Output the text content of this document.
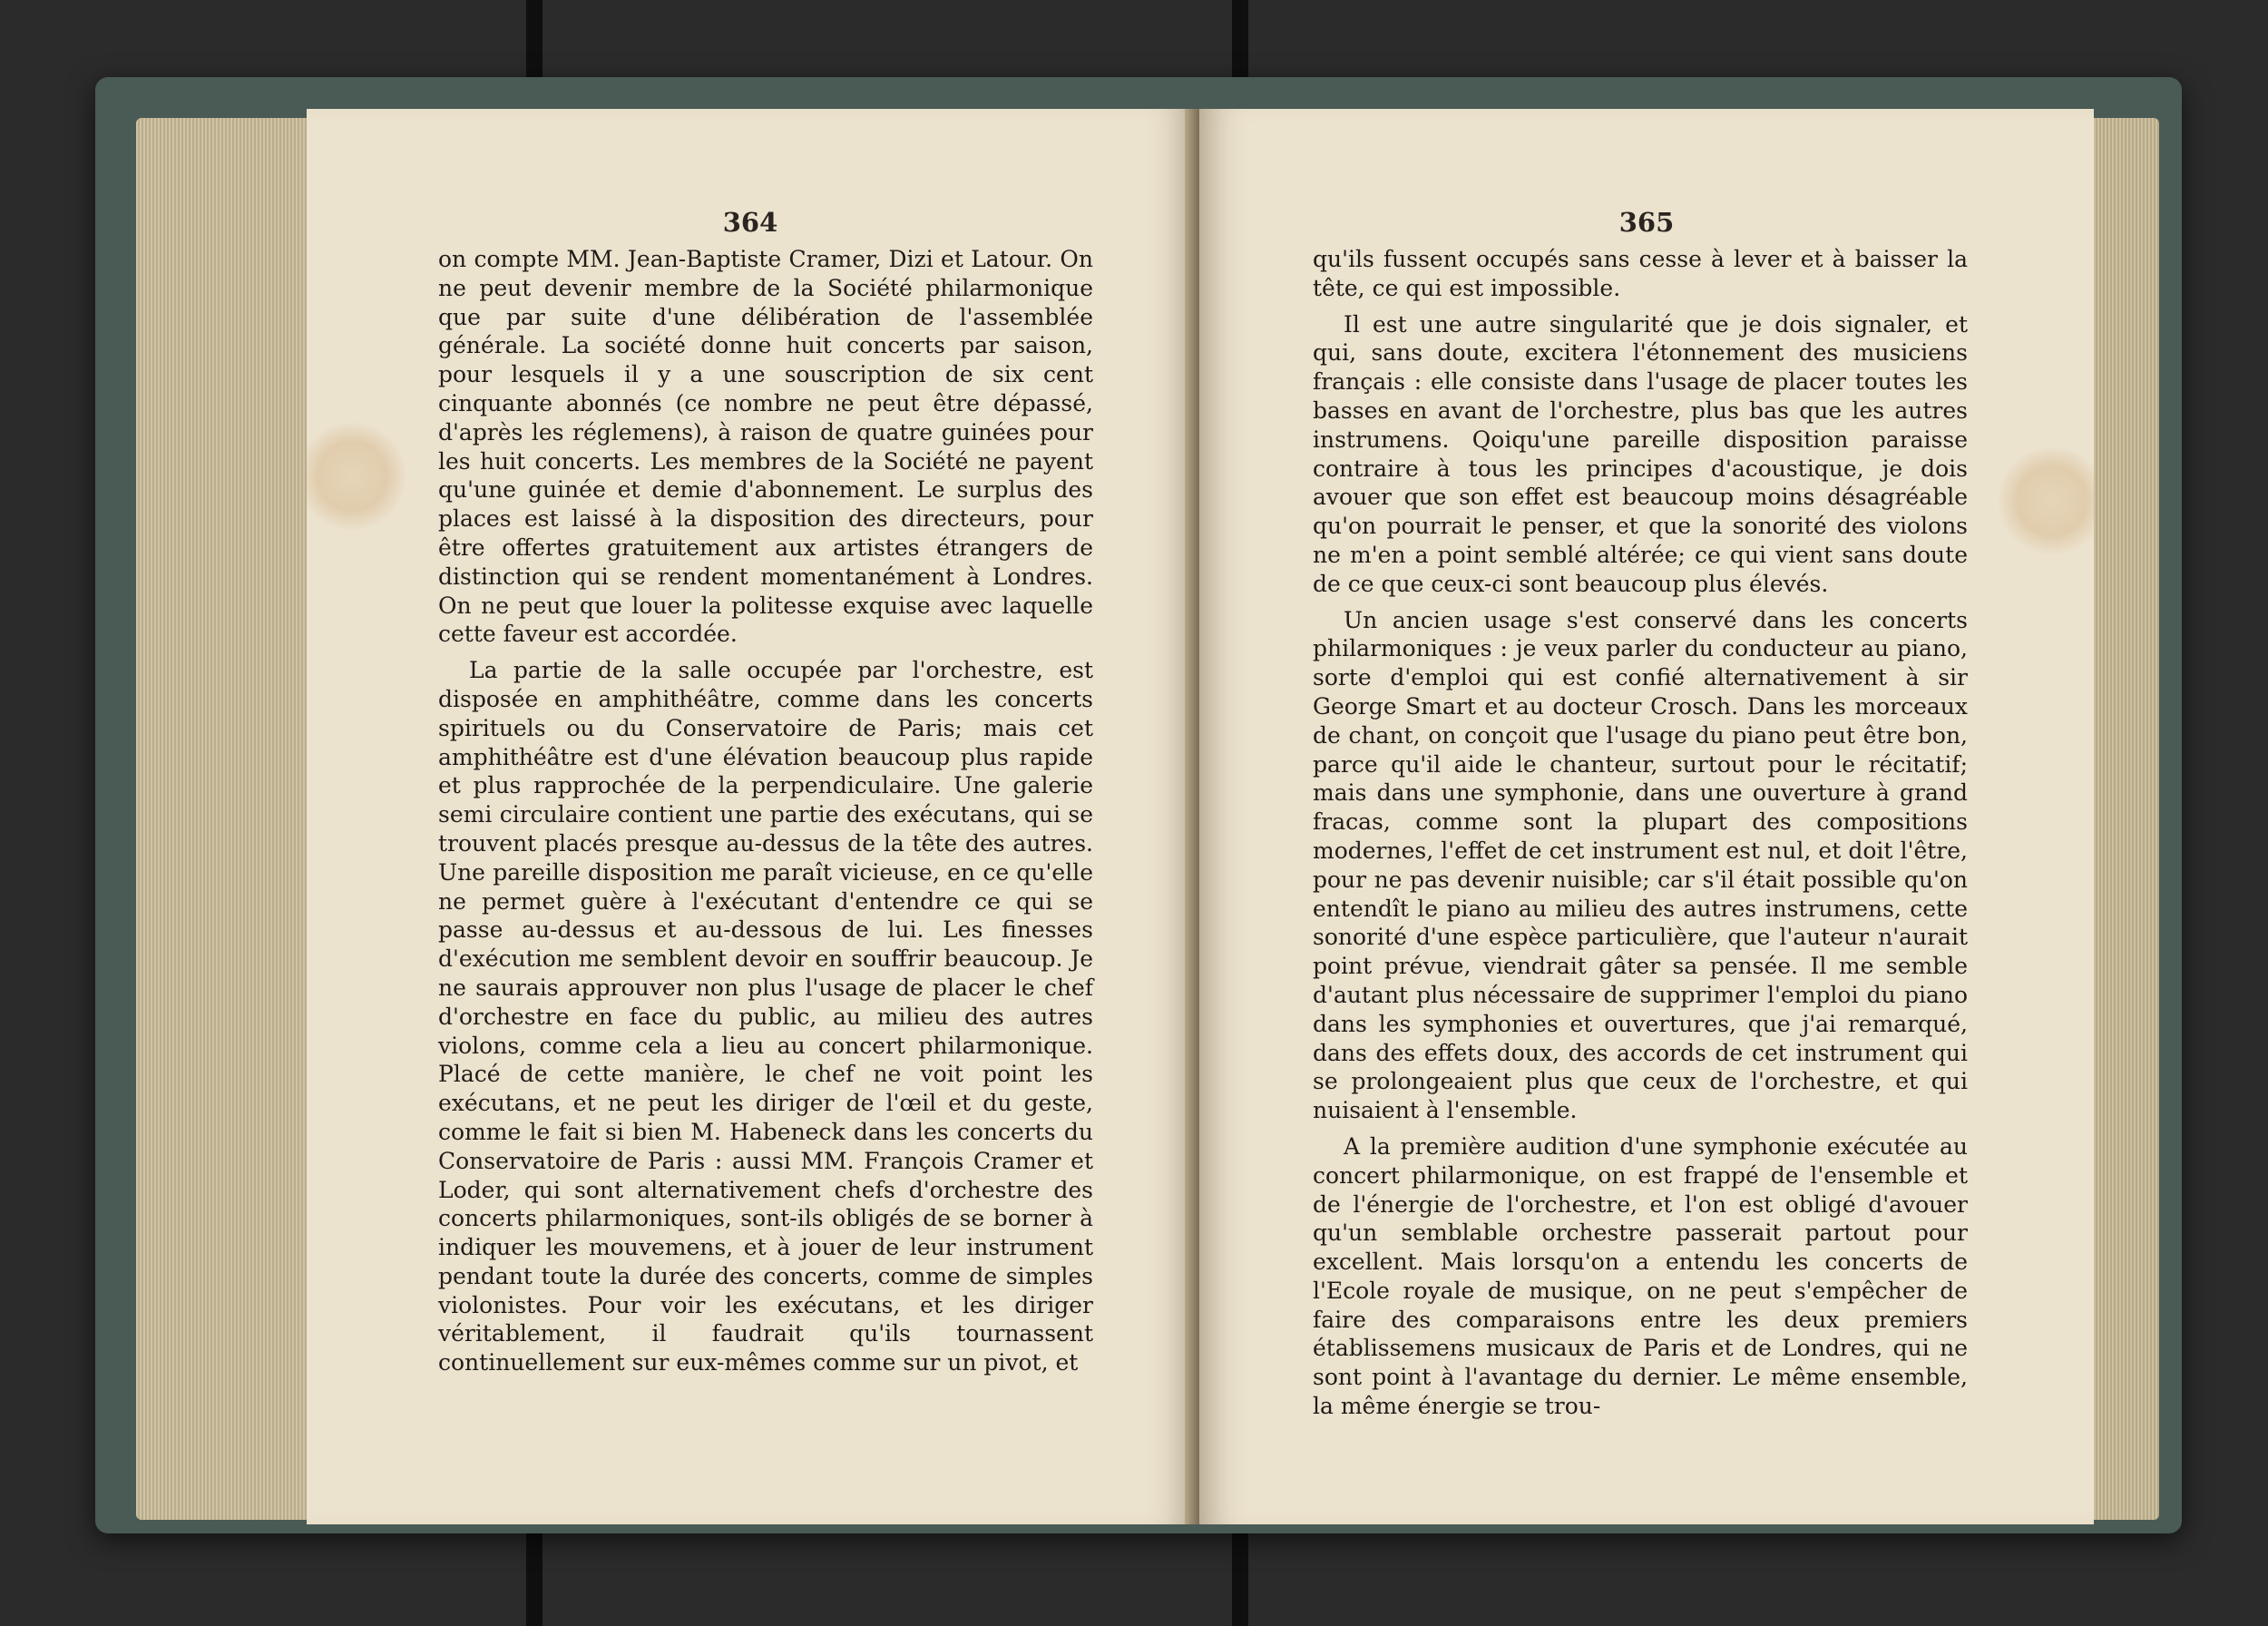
364

on compte MM. Jean-Baptiste Cramer, Dizi et Latour. On ne peut devenir membre de la Société philarmonique que par suite d'une délibération de l'assemblée générale. La société donne huit concerts par saison, pour lesquels il y a une souscription de six cent cinquante abonnés (ce nombre ne peut être dépassé, d'après les réglemens), à raison de quatre guinées pour les huit concerts. Les membres de la Société ne payent qu'une guinée et demie d'abonnement. Le surplus des places est laissé à la disposition des directeurs, pour être offertes gratuitement aux artistes étrangers de distinction qui se rendent momentanément à Londres. On ne peut que louer la politesse exquise avec laquelle cette faveur est accordée.

La partie de la salle occupée par l'orchestre, est disposée en amphithéâtre, comme dans les concerts spirituels ou du Conservatoire de Paris; mais cet amphithéâtre est d'une élévation beaucoup plus rapide et plus rapprochée de la perpendiculaire. Une galerie semi circulaire contient une partie des exécutans, qui se trouvent placés presque au-dessus de la tête des autres. Une pareille disposition me paraît vicieuse, en ce qu'elle ne permet guère à l'exécutant d'entendre ce qui se passe au-dessus et au-dessous de lui. Les finesses d'exécution me semblent devoir en souffrir beaucoup. Je ne saurais approuver non plus l'usage de placer le chef d'orchestre en face du public, au milieu des autres violons, comme cela a lieu au concert philarmonique. Placé de cette manière, le chef ne voit point les exécutans, et ne peut les diriger de l'œil et du geste, comme le fait si bien M. Habeneck dans les concerts du Conservatoire de Paris : aussi MM. François Cramer et Loder, qui sont alternativement chefs d'orchestre des concerts philarmoniques, sont-ils obligés de se borner à indiquer les mouvemens, et à jouer de leur instrument pendant toute la durée des concerts, comme de simples violonistes. Pour voir les exécutans, et les diriger véritablement, il faudrait qu'ils tournassent continuellement sur eux-mêmes comme sur un pivot, et

365

qu'ils fussent occupés sans cesse à lever et à baisser la tête, ce qui est impossible.

Il est une autre singularité que je dois signaler, et qui, sans doute, excitera l'étonnement des musiciens français : elle consiste dans l'usage de placer toutes les basses en avant de l'orchestre, plus bas que les autres instrumens. Qoiqu'une pareille disposition paraisse contraire à tous les principes d'acoustique, je dois avouer que son effet est beaucoup moins désagréable qu'on pourrait le penser, et que la sonorité des violons ne m'en a point semblé altérée; ce qui vient sans doute de ce que ceux-ci sont beaucoup plus élevés.

Un ancien usage s'est conservé dans les concerts philarmoniques : je veux parler du conducteur au piano, sorte d'emploi qui est confié alternativement à sir George Smart et au docteur Crosch. Dans les morceaux de chant, on conçoit que l'usage du piano peut être bon, parce qu'il aide le chanteur, surtout pour le récitatif; mais dans une symphonie, dans une ouverture à grand fracas, comme sont la plupart des compositions modernes, l'effet de cet instrument est nul, et doit l'être, pour ne pas devenir nuisible; car s'il était possible qu'on entendît le piano au milieu des autres instrumens, cette sonorité d'une espèce particulière, que l'auteur n'aurait point prévue, viendrait gâter sa pensée. Il me semble d'autant plus nécessaire de supprimer l'emploi du piano dans les symphonies et ouvertures, que j'ai remarqué, dans des effets doux, des accords de cet instrument qui se prolongeaient plus que ceux de l'orchestre, et qui nuisaient à l'ensemble.

A la première audition d'une symphonie exécutée au concert philarmonique, on est frappé de l'ensemble et de l'énergie de l'orchestre, et l'on est obligé d'avouer qu'un semblable orchestre passerait partout pour excellent. Mais lorsqu'on a entendu les concerts de l'Ecole royale de musique, on ne peut s'empêcher de faire des comparaisons entre les deux premiers établissemens musicaux de Paris et de Londres, qui ne sont point à l'avantage du dernier. Le même ensemble, la même énergie se trou-
